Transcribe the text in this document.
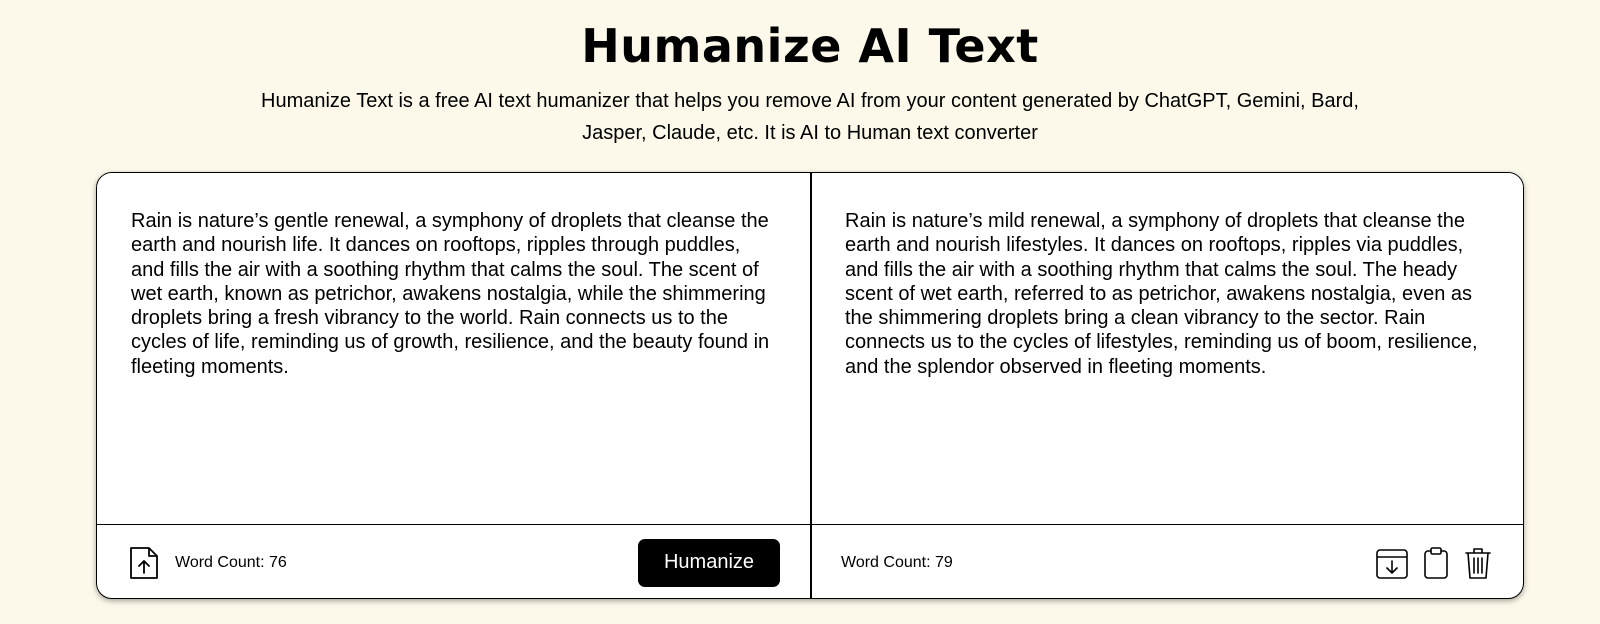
Humanize AI Text

Humanize Text is a free AI text humanizer that helps you remove AI from your content generated by ChatGPT, Gemini, Bard, Jasper, Claude, etc. It is AI to Human text converter

Rain is nature’s gentle renewal, a symphony of droplets that cleanse the earth and nourish life. It dances on rooftops, ripples through puddles, and fills the air with a soothing rhythm that calms the soul. The scent of wet earth, known as petrichor, awakens nostalgia, while the shimmering droplets bring a fresh vibrancy to the world. Rain connects us to the cycles of life, reminding us of growth, resilience, and the beauty found in fleeting moments.
Rain is nature’s mild renewal, a symphony of droplets that cleanse the earth and nourish lifestyles. It dances on rooftops, ripples via puddles, and fills the air with a soothing rhythm that calms the soul. The heady scent of wet earth, referred to as petrichor, awakens nostalgia, even as the shimmering droplets bring a clean vibrancy to the sector. Rain connects us to the cycles of lifestyles, reminding us of boom, resilience, and the splendor observed in fleeting moments.
Word Count: 76	Humanize	Word Count: 79
